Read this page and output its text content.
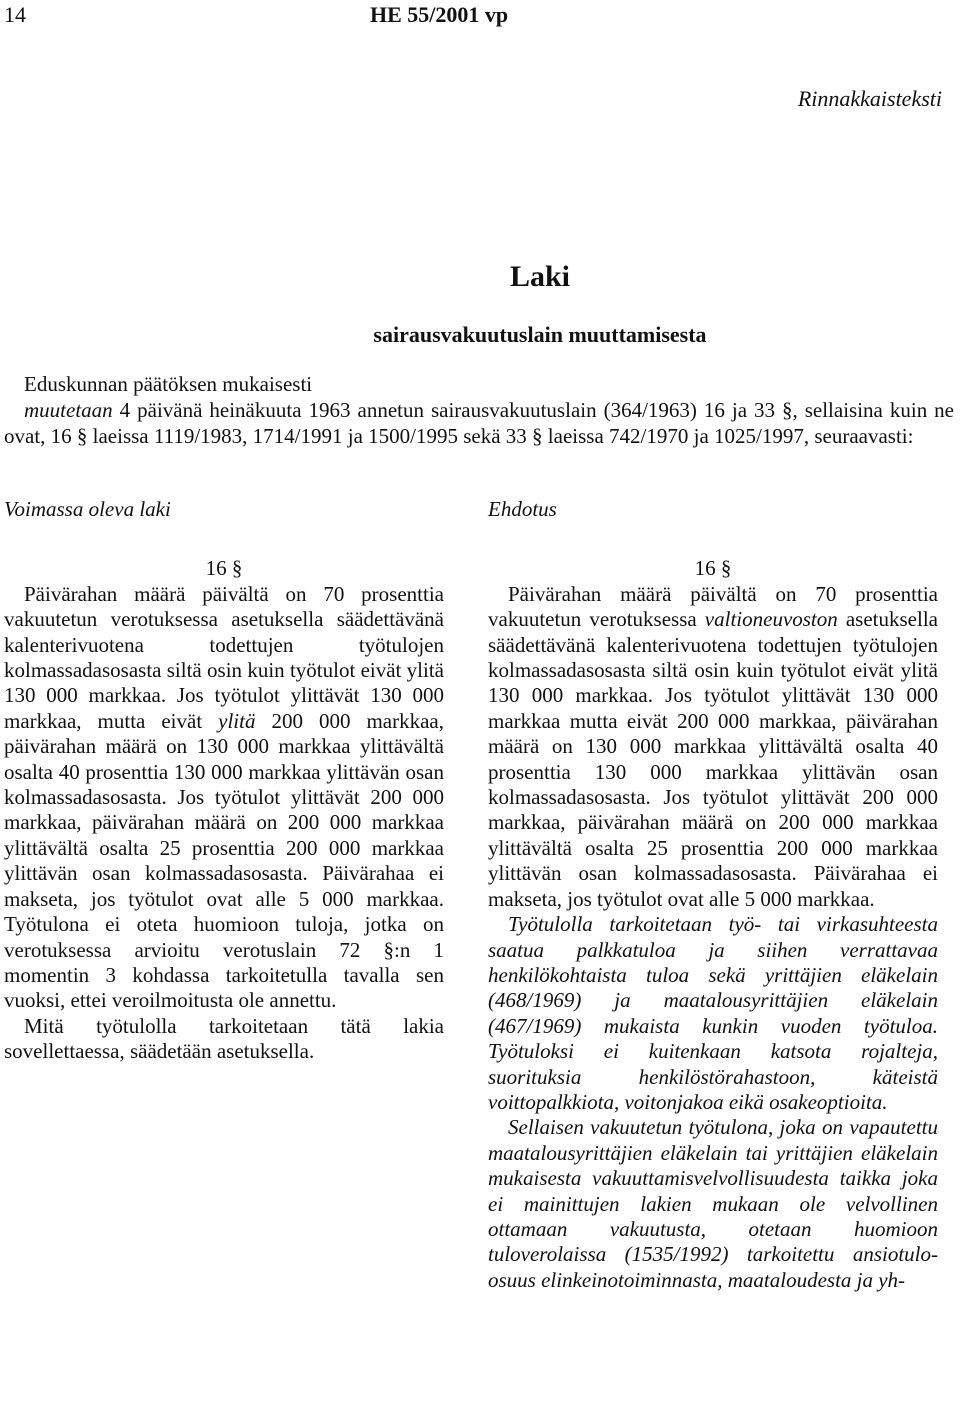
14	HE 55/2001 vp
Rinnakkaisteksti
Laki
sairausvakuutuslain muuttamisesta

Eduskunnan päätöksen mukaisesti

muutetaan 4 päivänä heinäkuuta 1963 annetun sairausvakuutuslain (364/1963) 16 ja 33 §, sellaisina kuin ne ovat, 16 § laeissa 1119/1983, 1714/1991 ja 1500/1995 sekä 33 § laeissa 742/1970 ja 1025/1997, seuraavasti:

Voimassa oleva laki

16 §

Päivärahan määrä päivältä on 70 prosenttia vakuutetun verotuksessa asetuksella säädettävänä kalenterivuotena todettujen työtulojen kolmassadasosasta siltä osin kuin työtulot eivät ylitä 130 000 markkaa. Jos työtulot ylittävät 130 000 markkaa, mutta eivät ylitä 200 000 markkaa, päivärahan määrä on 130 000 markkaa ylittävältä osalta 40 prosenttia 130 000 markkaa ylittävän osan kolmassadasosasta. Jos työtulot ylittävät 200 000 markkaa, päivärahan määrä on 200 000 markkaa ylittävältä osalta 25 prosenttia 200 000 markkaa ylittävän osan kolmassadasosasta. Päivärahaa ei makseta, jos työtulot ovat alle 5 000 markkaa. Työtulona ei oteta huomioon tuloja, jotka on verotuksessa arvioitu verotuslain 72 §:n 1 momentin 3 kohdassa tarkoitetulla tavalla sen vuoksi, ettei veroilmoitusta ole annettu.

Mitä työtulolla tarkoitetaan tätä lakia sovellettaessa, säädetään asetuksella.

Ehdotus

16 §

Päivärahan määrä päivältä on 70 prosenttia vakuutetun verotuksessa valtioneuvoston asetuksella säädettävänä kalenterivuotena todettujen työtulojen kolmassadasosasta siltä osin kuin työtulot eivät ylitä 130 000 markkaa. Jos työtulot ylittävät 130 000 markkaa mutta eivät 200 000 markkaa, päivärahan määrä on 130 000 markkaa ylittävältä osalta 40 prosenttia 130 000 markkaa ylittävän osan kolmassadasosasta. Jos työtulot ylittävät 200 000 markkaa, päivärahan määrä on 200 000 markkaa ylittävältä osalta 25 prosenttia 200 000 markkaa ylittävän osan kolmassadasosasta. Päivärahaa ei makseta, jos työtulot ovat alle 5 000 markkaa.

Työtulolla tarkoitetaan työ- tai virkasuhteesta saatua palkkatuloa ja siihen verrattavaa henkilökohtaista tuloa sekä yrittäjien eläkelain (468/1969) ja maatalousyrittäjien eläkelain (467/1969) mukaista kunkin vuoden työtuloa. Työtuloksi ei kuitenkaan katsota rojalteja, suorituksia henkilöstörahastoon, käteistä voittopalkkiota, voitonjakoa eikä osakeoptioita.

Sellaisen vakuutetun työtulona, joka on vapautettu maatalousyrittäjien eläkelain tai yrittäjien eläkelain mukaisesta vakuuttamisvelvollisuudesta taikka joka ei mainittujen lakien mukaan ole velvollinen ottamaan vakuutusta, otetaan huomioon tuloverolaissa (1535/1992) tarkoitettu ansiotulo-osuus elinkeinotoiminnasta, maataloudesta ja yh-
